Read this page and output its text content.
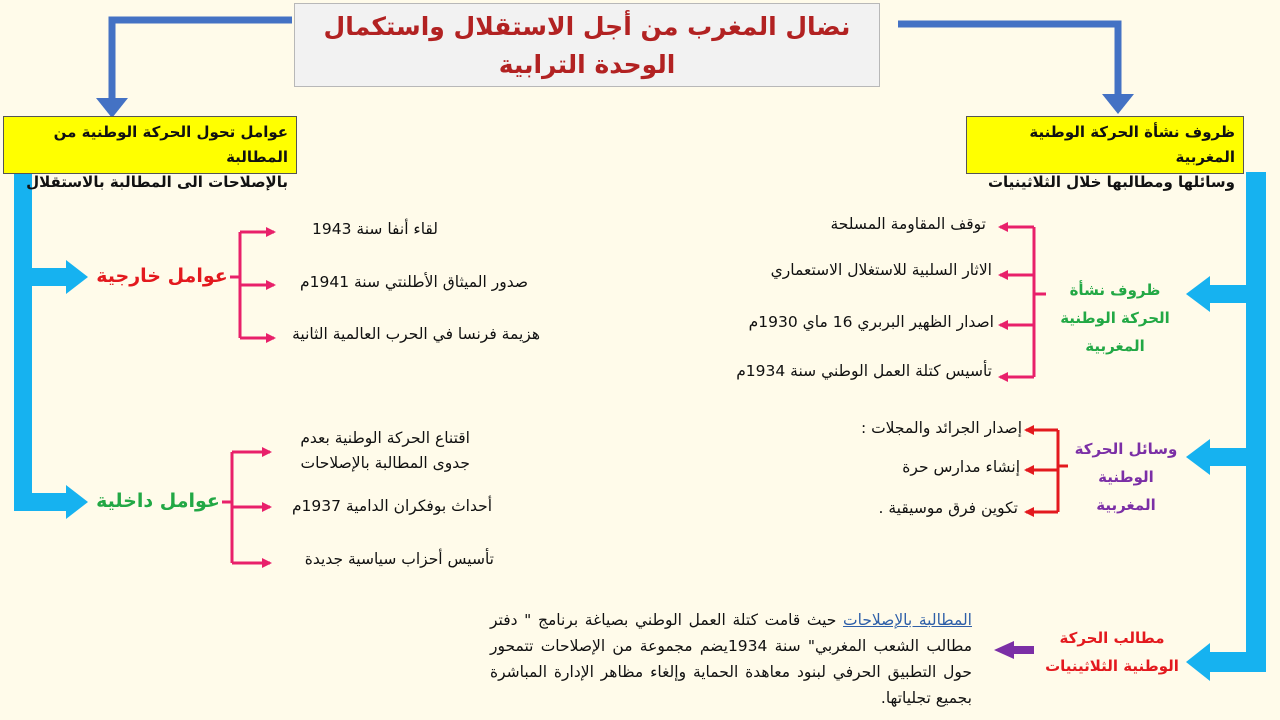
نضال المغرب من أجل الاستقلال واستكمال
الوحدة الترابية
ظروف نشأة الحركة الوطنية المغربية
وسائلها ومطالبها خلال الثلاثينيات
عوامل تحول الحركة الوطنية من المطالبة
بالإصلاحات الى المطالبة بالاستقلال
عوامل خارجية
عوامل داخلية
لقاء أنفا سنة 1943
صدور الميثاق الأطلنتي سنة 1941م
هزيمة فرنسا في الحرب العالمية الثانية
اقتناع الحركة الوطنية بعدم جدوى المطالبة بالإصلاحات
أحداث بوفكران الدامية 1937م
تأسيس أحزاب سياسية جديدة
ظروف نشأة الحركة الوطنية المغربية
وسائل الحركة الوطنية المغربية
مطالب الحركة الوطنية الثلاثينيات
توقف المقاومة المسلحة
الاثار السلبية للاستغلال الاستعماري
اصدار الظهير البربري 16 ماي 1930م
تأسيس كتلة العمل الوطني سنة 1934م
إصدار الجرائد والمجلات :
إنشاء مدارس حرة
تكوين فرق موسيقية .
المطالبة بالإصلاحات حيث قامت كتلة العمل الوطني بصياغة برنامج " دفتر مطالب الشعب المغربي" سنة 1934يضم مجموعة من الإصلاحات تتمحور حول التطبيق الحرفي لبنود معاهدة الحماية وإلغاء مظاهر الإدارة المباشرة بجميع تجلياتها.
